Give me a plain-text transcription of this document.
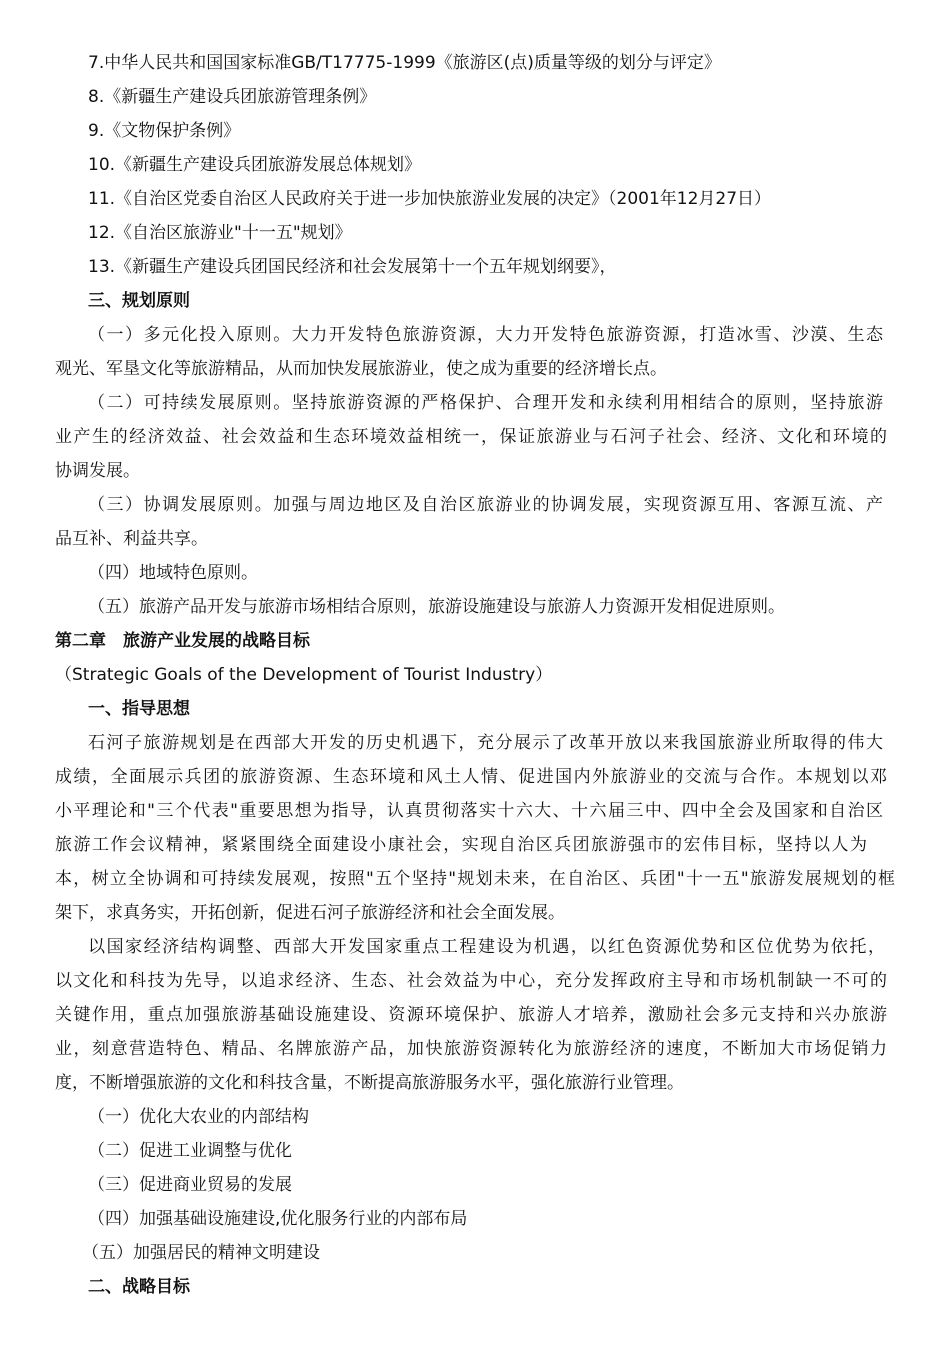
7.中华人民共和国国家标准GB/T17775-1999《旅游区(点)质量等级的划分与评定》
8.《新疆生产建设兵团旅游管理条例》
9.《文物保护条例》
10.《新疆生产建设兵团旅游发展总体规划》
11.《自治区党委自治区人民政府关于进一步加快旅游业发展的决定》（2001年12月27日）
12.《自治区旅游业"十一五"规划》
13.《新疆生产建设兵团国民经济和社会发展第十一个五年规划纲要》，
三、规划原则
（一）多元化投入原则。大力开发特色旅游资源，大力开发特色旅游资源，打造冰雪、沙漠、生态
观光、军垦文化等旅游精品，从而加快发展旅游业，使之成为重要的经济增长点。
（二）可持续发展原则。坚持旅游资源的严格保护、合理开发和永续利用相结合的原则，坚持旅游
业产生的经济效益、社会效益和生态环境效益相统一，保证旅游业与石河子社会、经济、文化和环境的
协调发展。
（三）协调发展原则。加强与周边地区及自治区旅游业的协调发展，实现资源互用、客源互流、产
品互补、利益共享。
（四）地域特色原则。
（五）旅游产品开发与旅游市场相结合原则，旅游设施建设与旅游人力资源开发相促进原则。
第二章　旅游产业发展的战略目标
（Strategic Goals of the Development of Tourist Industry）
一、指导思想
石河子旅游规划是在西部大开发的历史机遇下，充分展示了改革开放以来我国旅游业所取得的伟大
成绩，全面展示兵团的旅游资源、生态环境和风土人情、促进国内外旅游业的交流与合作。本规划以邓
小平理论和"三个代表"重要思想为指导，认真贯彻落实十六大、十六届三中、四中全会及国家和自治区
旅游工作会议精神，紧紧围绕全面建设小康社会，实现自治区兵团旅游强市的宏伟目标，坚持以人为
本，树立全协调和可持续发展观，按照"五个坚持"规划未来，在自治区、兵团"十一五"旅游发展规划的框
架下，求真务实，开拓创新，促进石河子旅游经济和社会全面发展。
以国家经济结构调整、西部大开发国家重点工程建设为机遇，以红色资源优势和区位优势为依托，
以文化和科技为先导，以追求经济、生态、社会效益为中心，充分发挥政府主导和市场机制缺一不可的
关键作用，重点加强旅游基础设施建设、资源环境保护、旅游人才培养，激励社会多元支持和兴办旅游
业，刻意营造特色、精品、名牌旅游产品，加快旅游资源转化为旅游经济的速度，不断加大市场促销力
度，不断增强旅游的文化和科技含量，不断提高旅游服务水平，强化旅游行业管理。
（一）优化大农业的内部结构
（二）促进工业调整与优化
（三）促进商业贸易的发展
（四）加强基础设施建设,优化服务行业的内部布局
（五）加强居民的精神文明建设
二、战略目标
